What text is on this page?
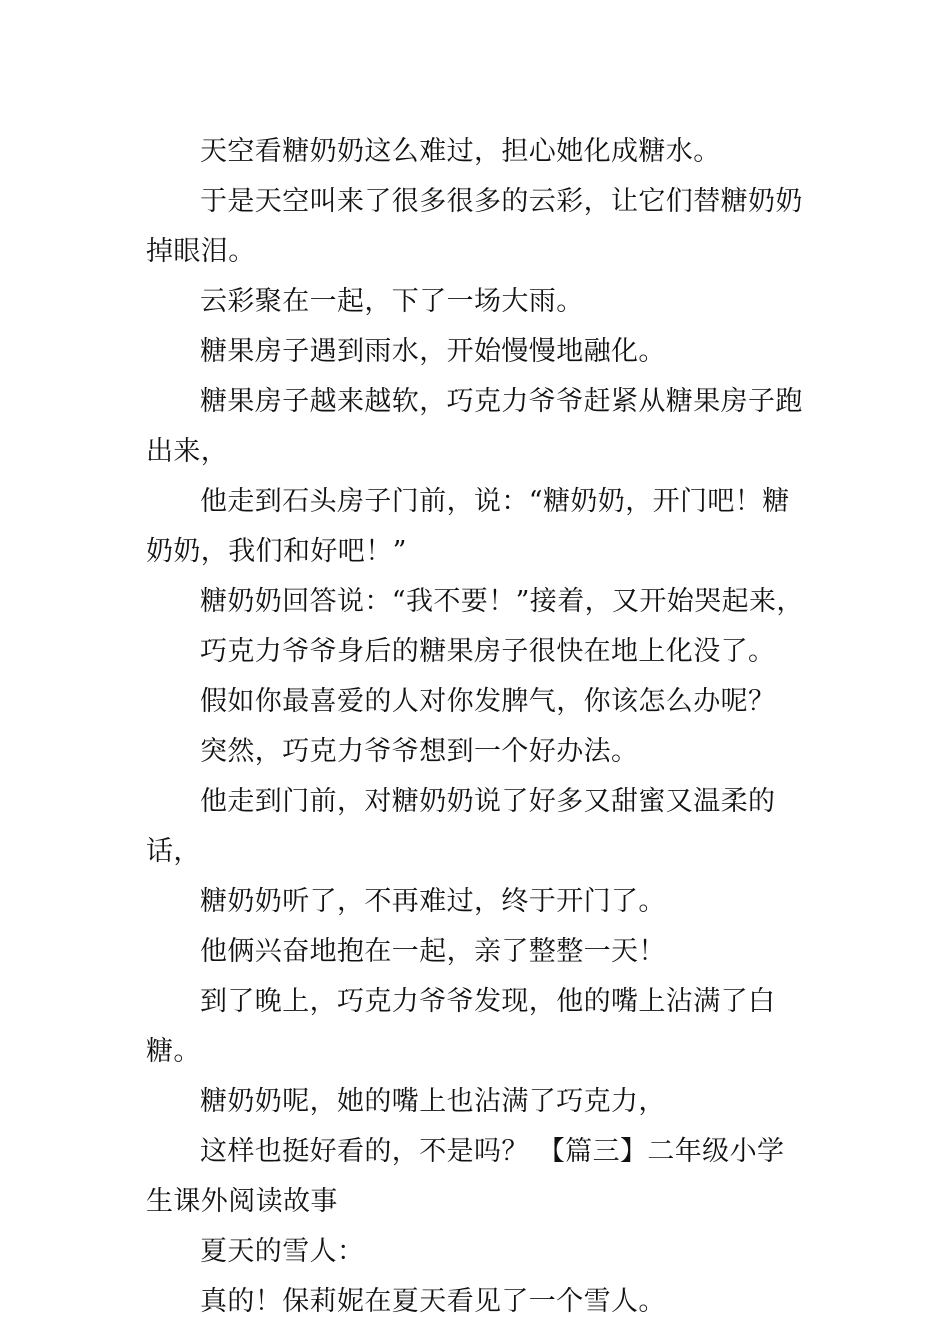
天空看糖奶奶这么难过，担心她化成糖水。

于是天空叫来了很多很多的云彩，让它们替糖奶奶掉眼泪。

云彩聚在一起，下了一场大雨。

糖果房子遇到雨水，开始慢慢地融化。

糖果房子越来越软，巧克力爷爷赶紧从糖果房子跑出来，

他走到石头房子门前，说：“糖奶奶，开门吧！糖奶奶，我们和好吧！”

糖奶奶回答说：“我不要！”接着，又开始哭起来，

巧克力爷爷身后的糖果房子很快在地上化没了。

假如你最喜爱的人对你发脾气，你该怎么办呢？

突然，巧克力爷爷想到一个好办法。

他走到门前，对糖奶奶说了好多又甜蜜又温柔的话，

糖奶奶听了，不再难过，终于开门了。

他俩兴奋地抱在一起，亲了整整一天！

到了晚上，巧克力爷爷发现，他的嘴上沾满了白糖。

糖奶奶呢，她的嘴上也沾满了巧克力，

这样也挺好看的，不是吗？ 【篇三】二年级小学生课外阅读故事

夏天的雪人：

真的！保莉妮在夏天看见了一个雪人。
